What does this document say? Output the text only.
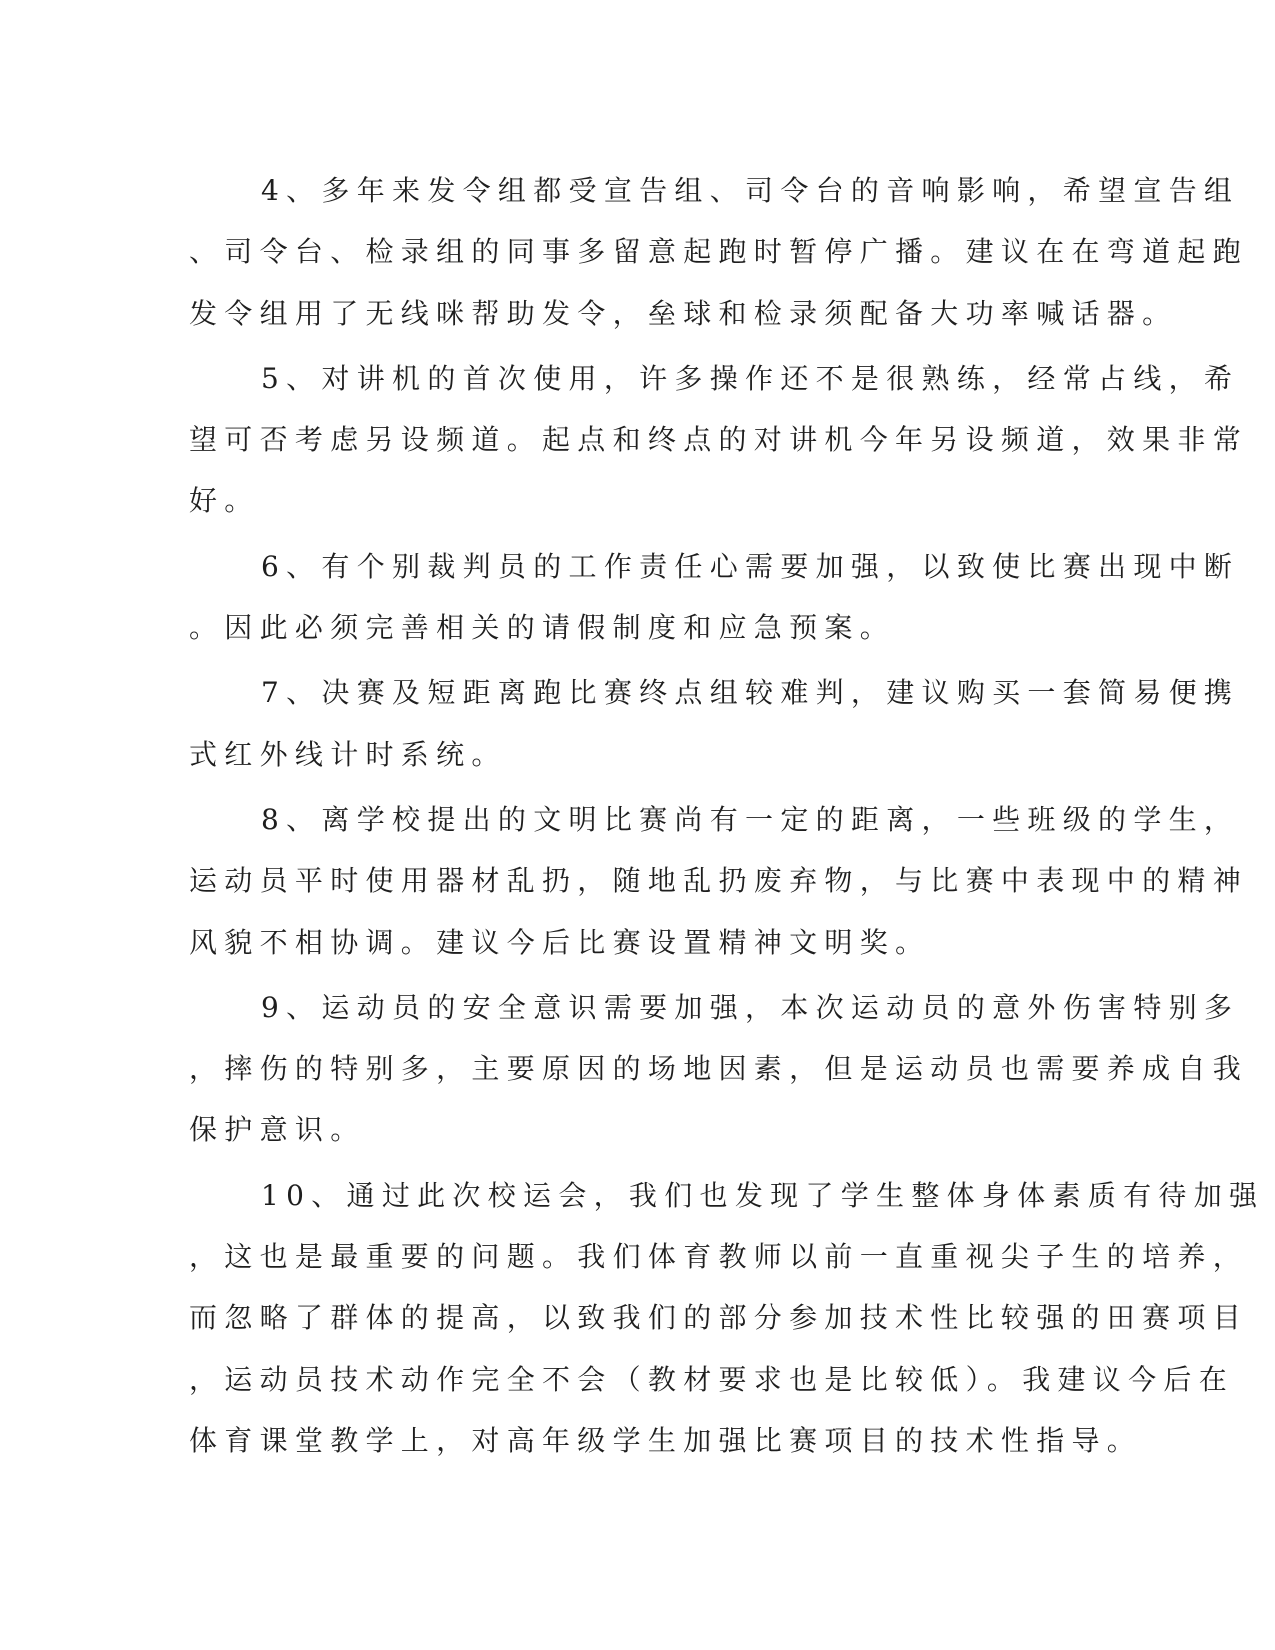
4、多年来发令组都受宣告组、司令台的音响影响，希望宣告组
、司令台、检录组的同事多留意起跑时暂停广播。建议在在弯道起跑
发令组用了无线咪帮助发令，垒球和检录须配备大功率喊话器。
5、对讲机的首次使用，许多操作还不是很熟练，经常占线，希
望可否考虑另设频道。起点和终点的对讲机今年另设频道，效果非常
好。
6、有个别裁判员的工作责任心需要加强，以致使比赛出现中断
。因此必须完善相关的请假制度和应急预案。
7、决赛及短距离跑比赛终点组较难判，建议购买一套简易便携
式红外线计时系统。
8、离学校提出的文明比赛尚有一定的距离，一些班级的学生，
运动员平时使用器材乱扔，随地乱扔废弃物，与比赛中表现中的精神
风貌不相协调。建议今后比赛设置精神文明奖。
9、运动员的安全意识需要加强，本次运动员的意外伤害特别多
，摔伤的特别多，主要原因的场地因素，但是运动员也需要养成自我
保护意识。
10、通过此次校运会，我们也发现了学生整体身体素质有待加强
，这也是最重要的问题。我们体育教师以前一直重视尖子生的培养，
而忽略了群体的提高，以致我们的部分参加技术性比较强的田赛项目
，运动员技术动作完全不会（教材要求也是比较低）。我建议今后在
体育课堂教学上，对高年级学生加强比赛项目的技术性指导。
